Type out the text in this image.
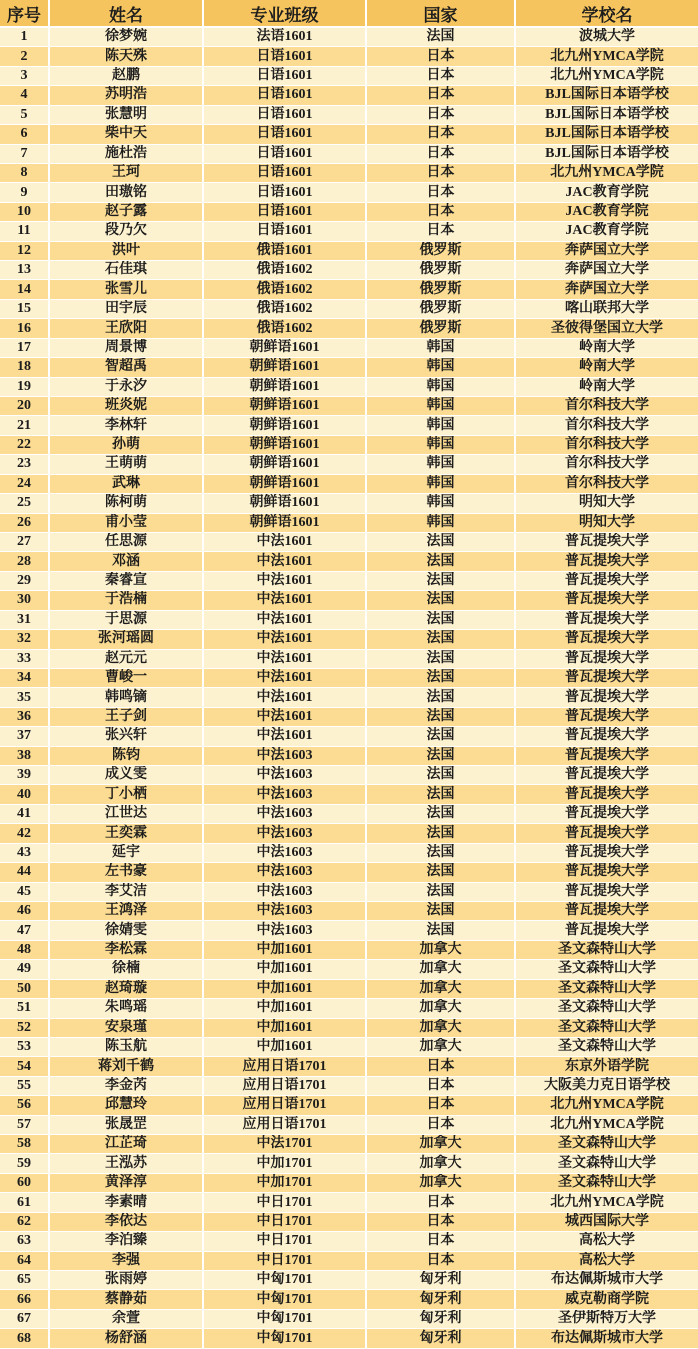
序号	姓名	专业班级	国家	学校名
1	徐梦婉	法语1601	法国	波城大学
2	陈天殊	日语1601	日本	北九州YMCA学院
3	赵鹏	日语1601	日本	北九州YMCA学院
4	苏明浩	日语1601	日本	BJL国际日本语学校
5	张慧明	日语1601	日本	BJL国际日本语学校
6	柴中天	日语1601	日本	BJL国际日本语学校
7	施杜浩	日语1601	日本	BJL国际日本语学校
8	王珂	日语1601	日本	北九州YMCA学院
9	田璈铭	日语1601	日本	JAC教育学院
10	赵子露	日语1601	日本	JAC教育学院
11	段乃欠	日语1601	日本	JAC教育学院
12	洪叶	俄语1601	俄罗斯	奔萨国立大学
13	石佳琪	俄语1602	俄罗斯	奔萨国立大学
14	张雪儿	俄语1602	俄罗斯	奔萨国立大学
15	田宇辰	俄语1602	俄罗斯	喀山联邦大学
16	王欣阳	俄语1602	俄罗斯	圣彼得堡国立大学
17	周景博	朝鲜语1601	韩国	岭南大学
18	智超禹	朝鲜语1601	韩国	岭南大学
19	于永汐	朝鲜语1601	韩国	岭南大学
20	班炎妮	朝鲜语1601	韩国	首尔科技大学
21	李林轩	朝鲜语1601	韩国	首尔科技大学
22	孙萌	朝鲜语1601	韩国	首尔科技大学
23	王萌萌	朝鲜语1601	韩国	首尔科技大学
24	武琳	朝鲜语1601	韩国	首尔科技大学
25	陈柯萌	朝鲜语1601	韩国	明知大学
26	甫小莹	朝鲜语1601	韩国	明知大学
27	任思源	中法1601	法国	普瓦提埃大学
28	邓涵	中法1601	法国	普瓦提埃大学
29	秦睿宣	中法1601	法国	普瓦提埃大学
30	于浩楠	中法1601	法国	普瓦提埃大学
31	于思源	中法1601	法国	普瓦提埃大学
32	张河瑶圆	中法1601	法国	普瓦提埃大学
33	赵元元	中法1601	法国	普瓦提埃大学
34	曹峻一	中法1601	法国	普瓦提埃大学
35	韩鸣镝	中法1601	法国	普瓦提埃大学
36	王子剑	中法1601	法国	普瓦提埃大学
37	张兴轩	中法1601	法国	普瓦提埃大学
38	陈钧	中法1603	法国	普瓦提埃大学
39	成义雯	中法1603	法国	普瓦提埃大学
40	丁小栖	中法1603	法国	普瓦提埃大学
41	江世达	中法1603	法国	普瓦提埃大学
42	王奕霖	中法1603	法国	普瓦提埃大学
43	延宇	中法1603	法国	普瓦提埃大学
44	左书豪	中法1603	法国	普瓦提埃大学
45	李艾洁	中法1603	法国	普瓦提埃大学
46	王鸿泽	中法1603	法国	普瓦提埃大学
47	徐婧雯	中法1603	法国	普瓦提埃大学
48	李松霖	中加1601	加拿大	圣文森特山大学
49	徐楠	中加1601	加拿大	圣文森特山大学
50	赵琦璇	中加1601	加拿大	圣文森特山大学
51	朱鸣瑶	中加1601	加拿大	圣文森特山大学
52	安泉瑾	中加1601	加拿大	圣文森特山大学
53	陈玉航	中加1601	加拿大	圣文森特山大学
54	蒋刘千鹤	应用日语1701	日本	东京外语学院
55	李金芮	应用日语1701	日本	大阪美力克日语学校
56	邱慧玲	应用日语1701	日本	北九州YMCA学院
57	张晟罡	应用日语1701	日本	北九州YMCA学院
58	江芷琦	中法1701	加拿大	圣文森特山大学
59	王泓苏	中加1701	加拿大	圣文森特山大学
60	黄泽淳	中加1701	加拿大	圣文森特山大学
61	李素晴	中日1701	日本	北九州YMCA学院
62	李依达	中日1701	日本	城西国际大学
63	李泊臻	中日1701	日本	高松大学
64	李强	中日1701	日本	高松大学
65	张雨婷	中匈1701	匈牙利	布达佩斯城市大学
66	蔡静茹	中匈1701	匈牙利	威克勒商学院
67	余萱	中匈1701	匈牙利	圣伊斯特万大学
68	杨舒涵	中匈1701	匈牙利	布达佩斯城市大学
